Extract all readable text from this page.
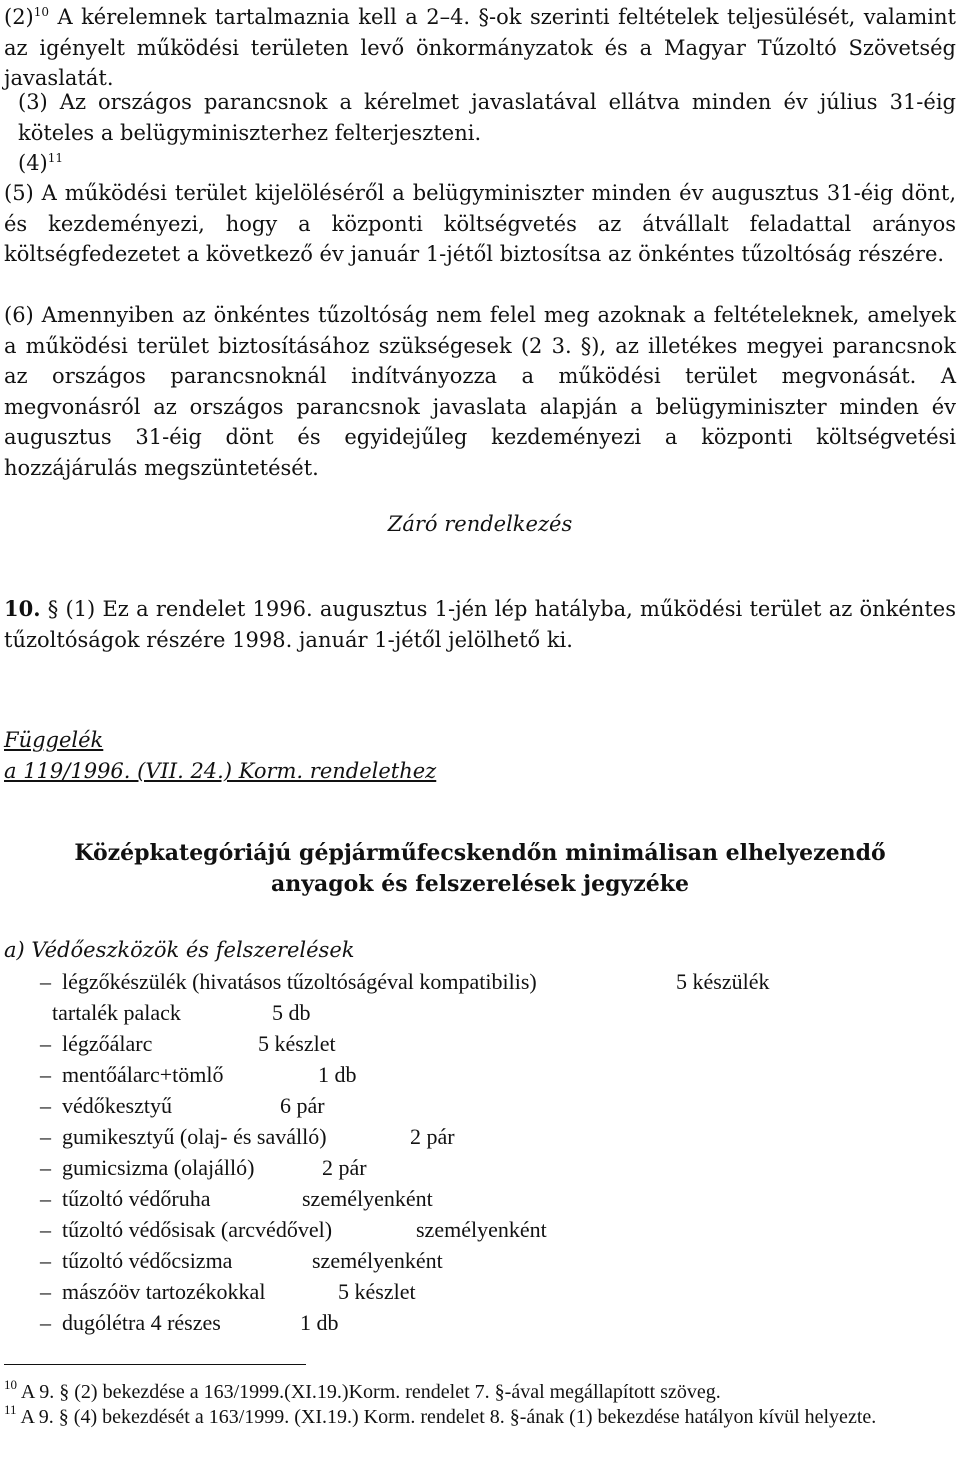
(2)$^{10}$ A kérelemnek tartalmaznia kell a 2–4. §-ok szerinti feltételek teljesülését, valamint az igényelt működési területen levő önkormányzatok és a Magyar Tűzoltó Szövetség javaslatát.

(3) Az országos parancsnok a kérelmet javaslatával ellátva minden év július 31-éig köteles a belügyminiszterhez felterjeszteni.

(4)$^{11}$

(5) A működési terület kijelöléséről a belügyminiszter minden év augusztus 31-éig dönt, és kezdeményezi, hogy a központi költségvetés az átvállalt feladattal arányos költségfedezetet a következő év január 1-jétől biztosítsa az önkéntes tűzoltóság részére.

(6) Amennyiben az önkéntes tűzoltóság nem felel meg azoknak a feltételeknek, amelyek a működési terület biztosításához szükségesek (2 3. §), az illetékes megyei parancsnok az országos parancsnoknál indítványozza a működési terület megvonását. A megvonásról az országos parancsnok javaslata alapján a belügyminiszter minden év augusztus 31-éig dönt és egyidejűleg kezdeményezi a központi költségvetési hozzájárulás megszüntetését.

Záró rendelkezés

10. § (1) Ez a rendelet 1996. augusztus 1-jén lép hatályba, működési terület az önkéntes tűzoltóságok részére 1998. január 1-jétől jelölhető ki.

Függelék
a 119/1996. (VII. 24.) Korm. rendelethez
Középkategóriájú gépjárműfecskendőn minimálisan elhelyezendő
anyagok és felszerelések jegyzéke
a) Védőeszközök és felszerelések
– légzőkészülék (hivatásos tűzoltóságéval kompatibilis)	5 készülék
tartalék palack	5 db
– légzőálarc	5 készlet
– mentőálarc+tömlő	1 db
– védőkesztyű	6 pár
– gumikesztyű (olaj- és saválló)	2 pár
– gumicsizma (olajálló)	2 pár
– tűzoltó védőruha	személyenként
– tűzoltó védősisak (arcvédővel)	személyenként
– tűzoltó védőcsizma	személyenként
– mászóöv tartozékokkal	5 készlet
– dugólétra 4 részes	1 db

$^{10}$ A 9. § (2) bekezdése a 163/1999.(XI.19.)Korm. rendelet 7. §-ával megállapított szöveg.

$^{11}$ A 9. § (4) bekezdését a 163/1999. (XI.19.) Korm. rendelet 8. §-ának (1) bekezdése hatályon kívül helyezte.
